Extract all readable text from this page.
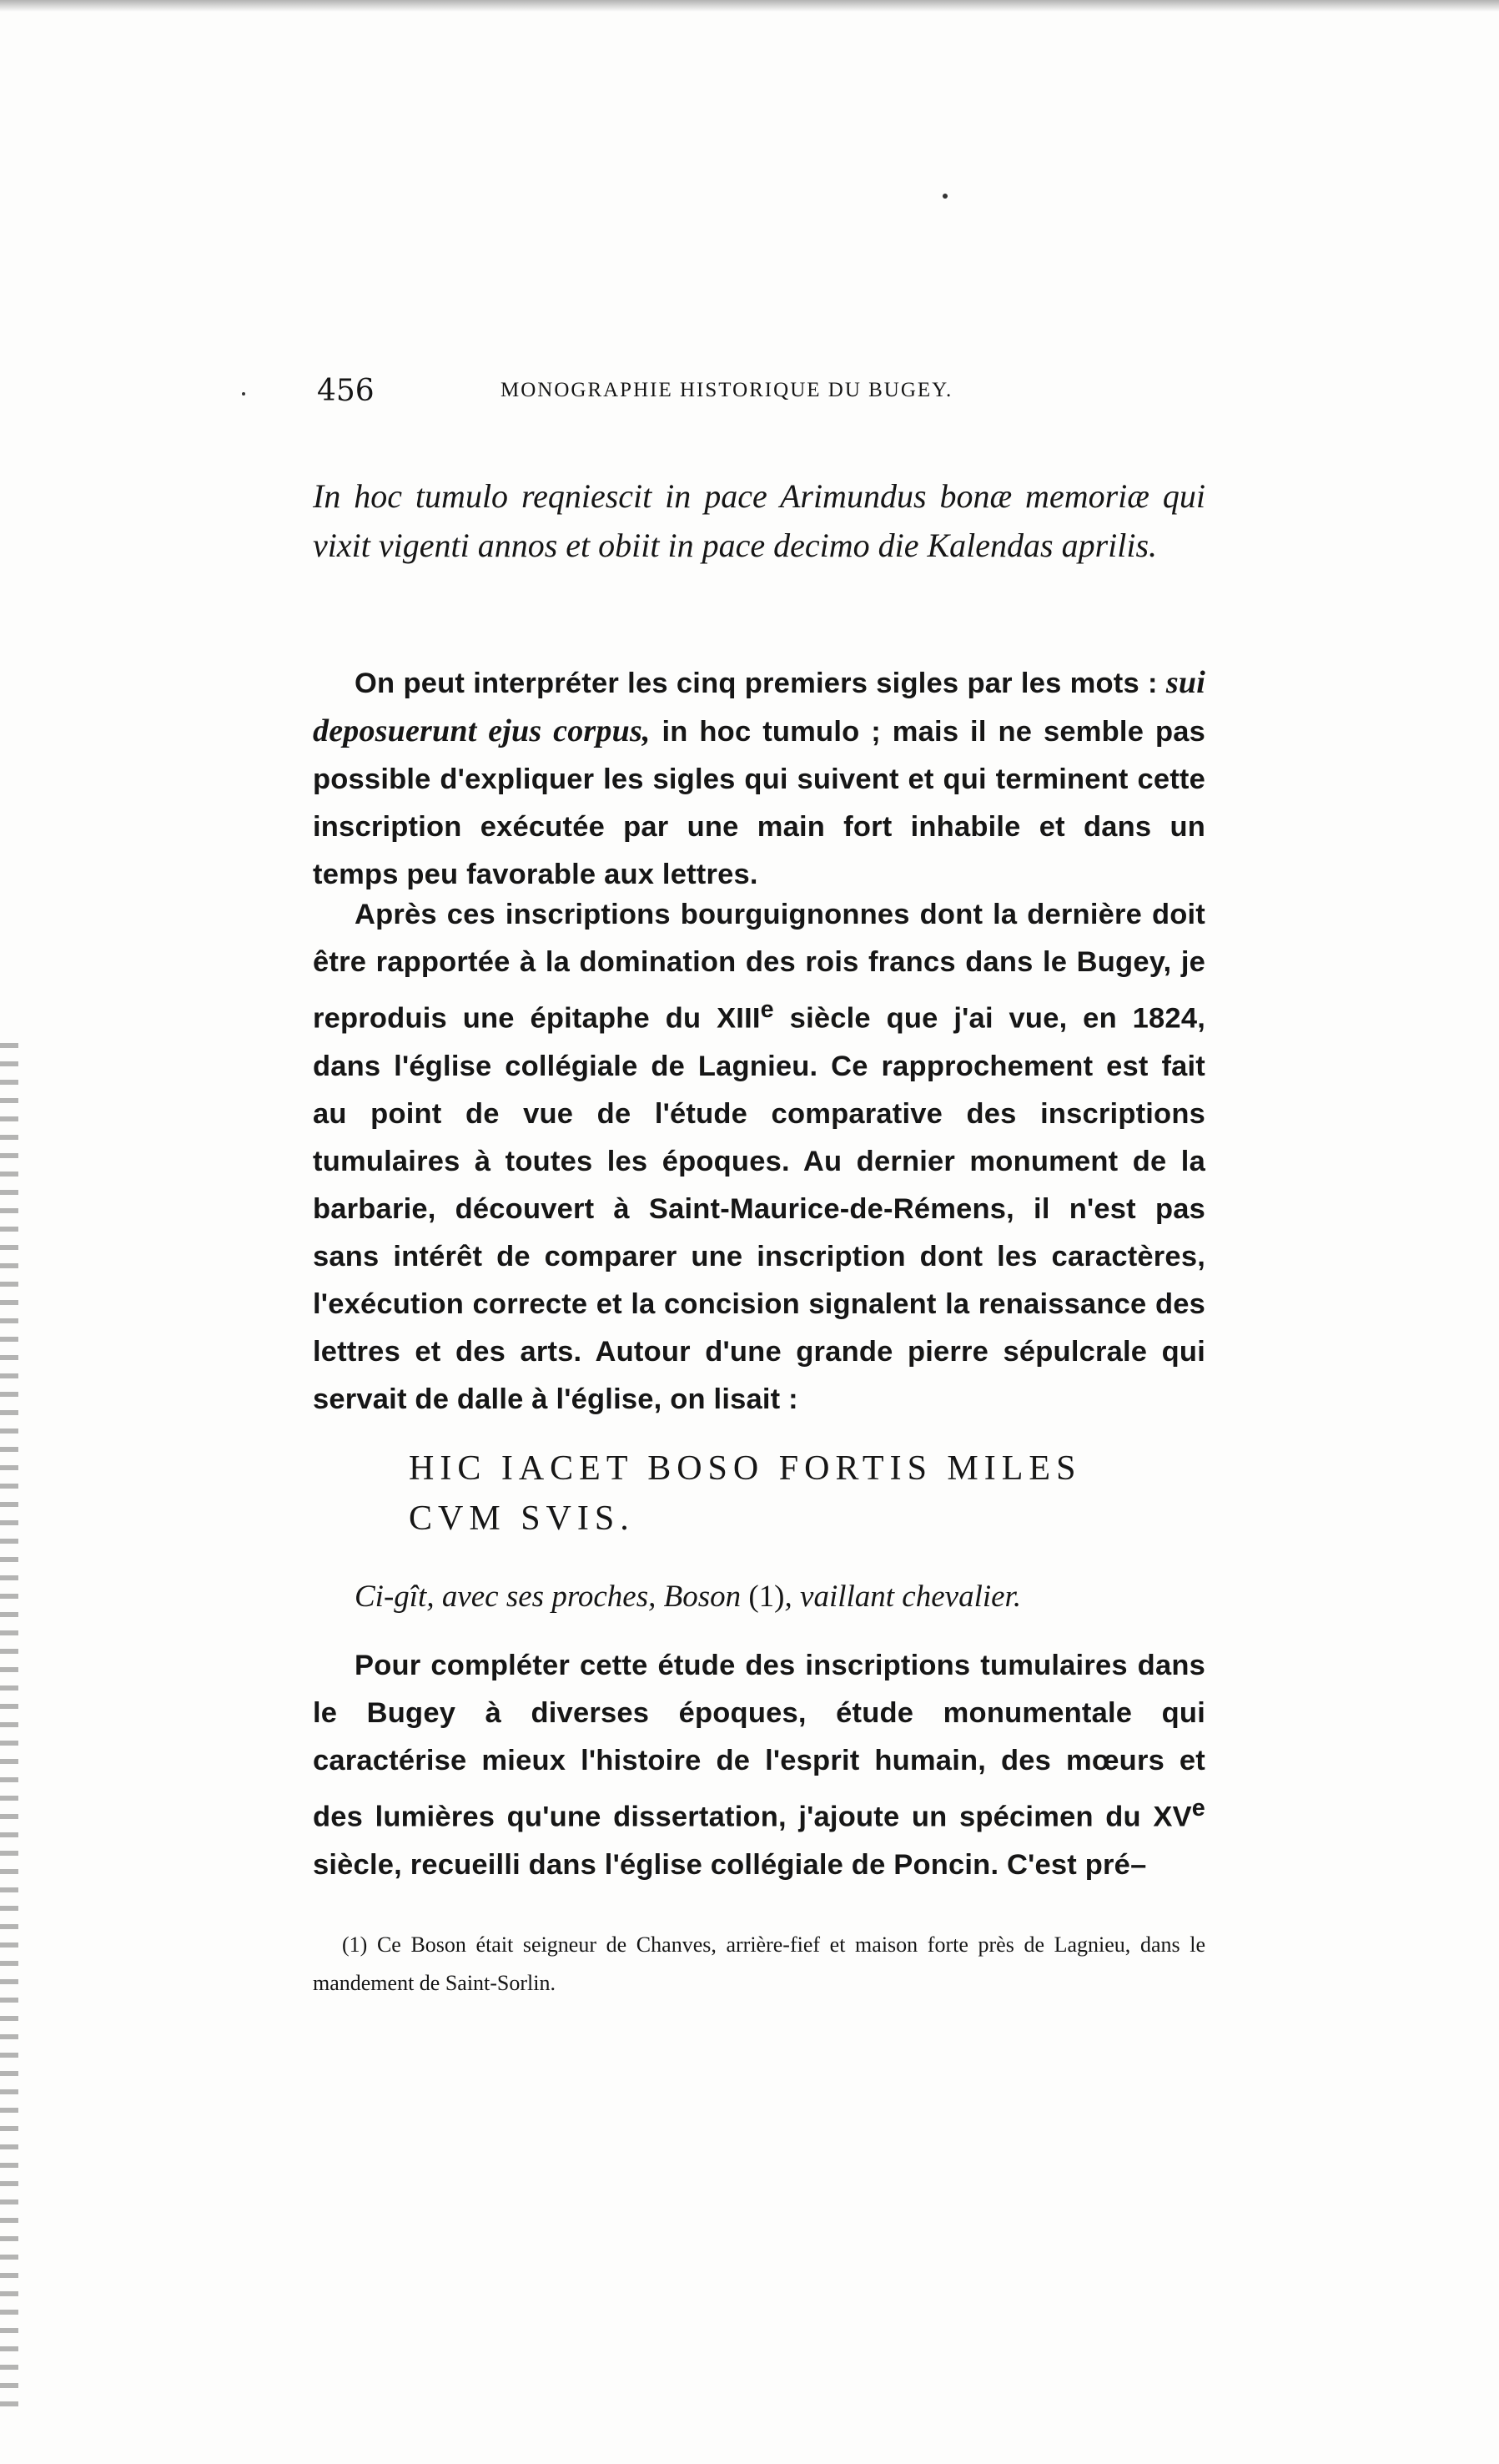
456	MONOGRAPHIE HISTORIQUE DU BUGEY.
In hoc tumulo reqniescit in pace Arimundus bonæ memoriæ qui vixit vigenti annos et obiit in pace decimo die Kalendas aprilis.
On peut interpréter les cinq premiers sigles par les mots : sui deposuerunt ejus corpus, in hoc tumulo ; mais il ne semble pas possible d'expliquer les sigles qui suivent et qui terminent cette inscription exécutée par une main fort inhabile et dans un temps peu favorable aux lettres.
Après ces inscriptions bourguignonnes dont la dernière doit être rapportée à la domination des rois francs dans le Bugey, je reproduis une épitaphe du XIIIe siècle que j'ai vue, en 1824, dans l'église collégiale de Lagnieu. Ce rapprochement est fait au point de vue de l'étude comparative des inscriptions tumulaires à toutes les époques. Au dernier monument de la barbarie, découvert à Saint-Maurice-de-Rémens, il n'est pas sans intérêt de comparer une inscription dont les caractères, l'exécution correcte et la concision signalent la renaissance des lettres et des arts. Autour d'une grande pierre sépulcrale qui servait de dalle à l'église, on lisait :
HIC IACET BOSO FORTIS MILES
CVM SVIS.
Ci-gît, avec ses proches, Boson (1), vaillant chevalier.
Pour compléter cette étude des inscriptions tumulaires dans le Bugey à diverses époques, étude monumentale qui caractérise mieux l'histoire de l'esprit humain, des mœurs et des lumières qu'une dissertation, j'ajoute un spécimen du XVe siècle, recueilli dans l'église collégiale de Poncin. C'est pré–
(1) Ce Boson était seigneur de Chanves, arrière-fief et maison forte près de Lagnieu, dans le mandement de Saint-Sorlin.
